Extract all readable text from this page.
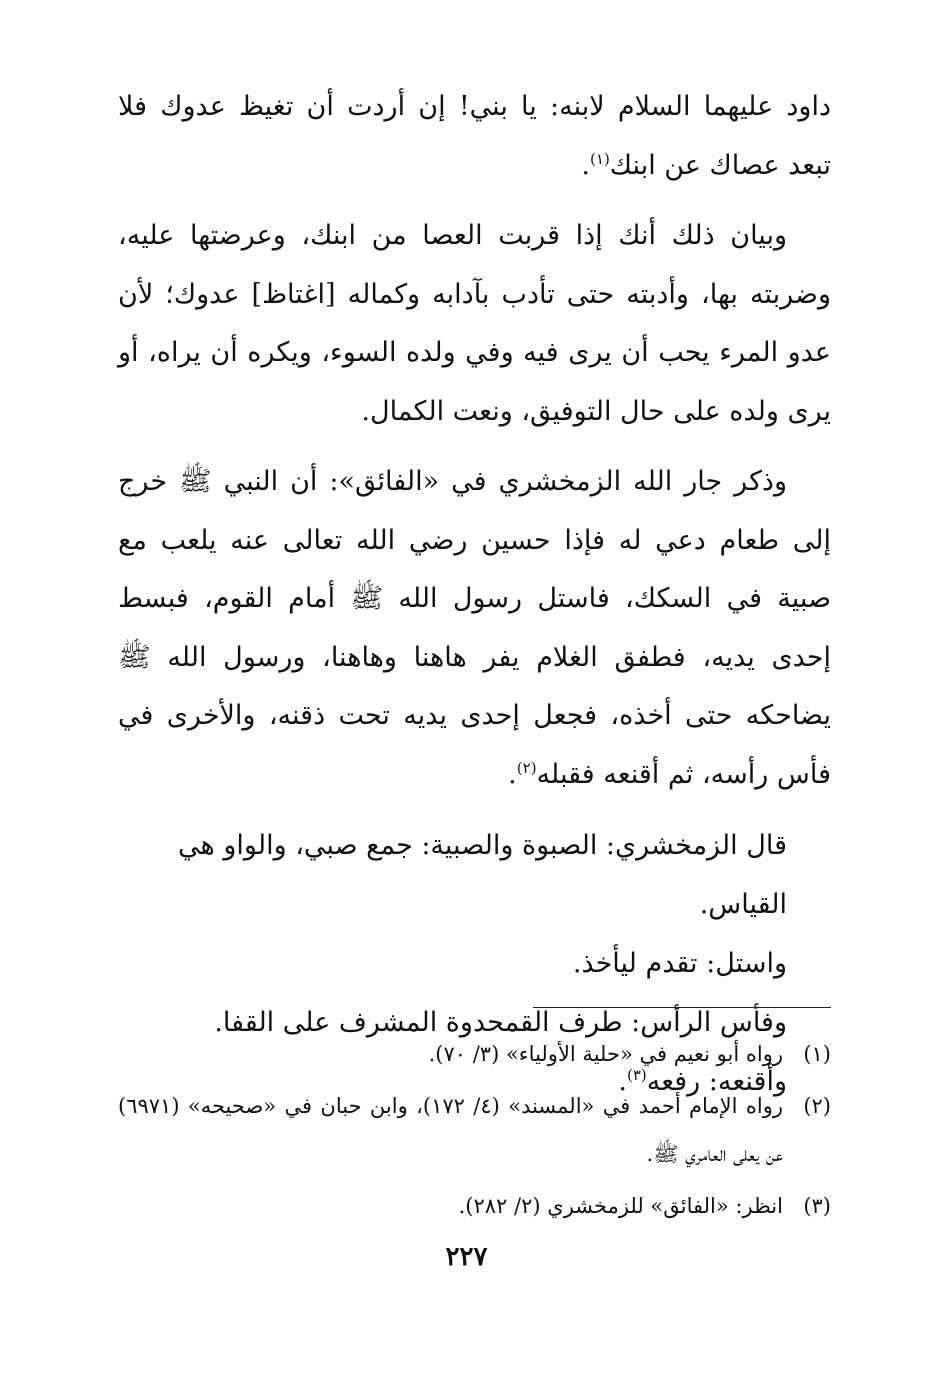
داود عليهما السلام لابنه: يا بني! إن أردت أن تغيظ عدوك فلا تبعد عصاك عن ابنك$^{(١)}$.

وبيان ذلك أنك إذا قربت العصا من ابنك، وعرضتها عليه، وضربته بها، وأدبته حتى تأدب بآدابه وكماله [اغتاظ] عدوك؛ لأن عدو المرء يحب أن يرى فيه وفي ولده السوء، ويكره أن يراه، أو يرى ولده على حال التوفيق، ونعت الكمال.

وذكر جار الله الزمخشري في «الفائق»: أن النبي ﷺ خرج إلى طعام دعي له فإذا حسين رضي الله تعالى عنه يلعب مع صبية في السكك، فاستل رسول الله ﷺ أمام القوم، فبسط إحدى يديه، فطفق الغلام يفر هاهنا وهاهنا، ورسول الله ﷺ يضاحكه حتى أخذه، فجعل إحدى يديه تحت ذقنه، والأخرى في فأس رأسه، ثم أقنعه فقبله$^{(٢)}$.

قال الزمخشري: الصبوة والصبية: جمع صبي، والواو هي القياس.

واستل: تقدم ليأخذ.

وفأس الرأس: طرف القمحدوة المشرف على القفا.

وأقنعه: رفعه$^{(٣)}$.

(١)
رواه أبو نعيم في «حلية الأولياء» (٣/ ٧٠).

(٢)
رواه الإمام أحمد في «المسند» (٤/ ١٧٢)، وابن حبان في «صحيحه» (٦٩٧١) عن يعلى العامري ﷺ.

(٣)
انظر: «الفائق» للزمخشري (٢/ ٢٨٢).

٢٢٧
